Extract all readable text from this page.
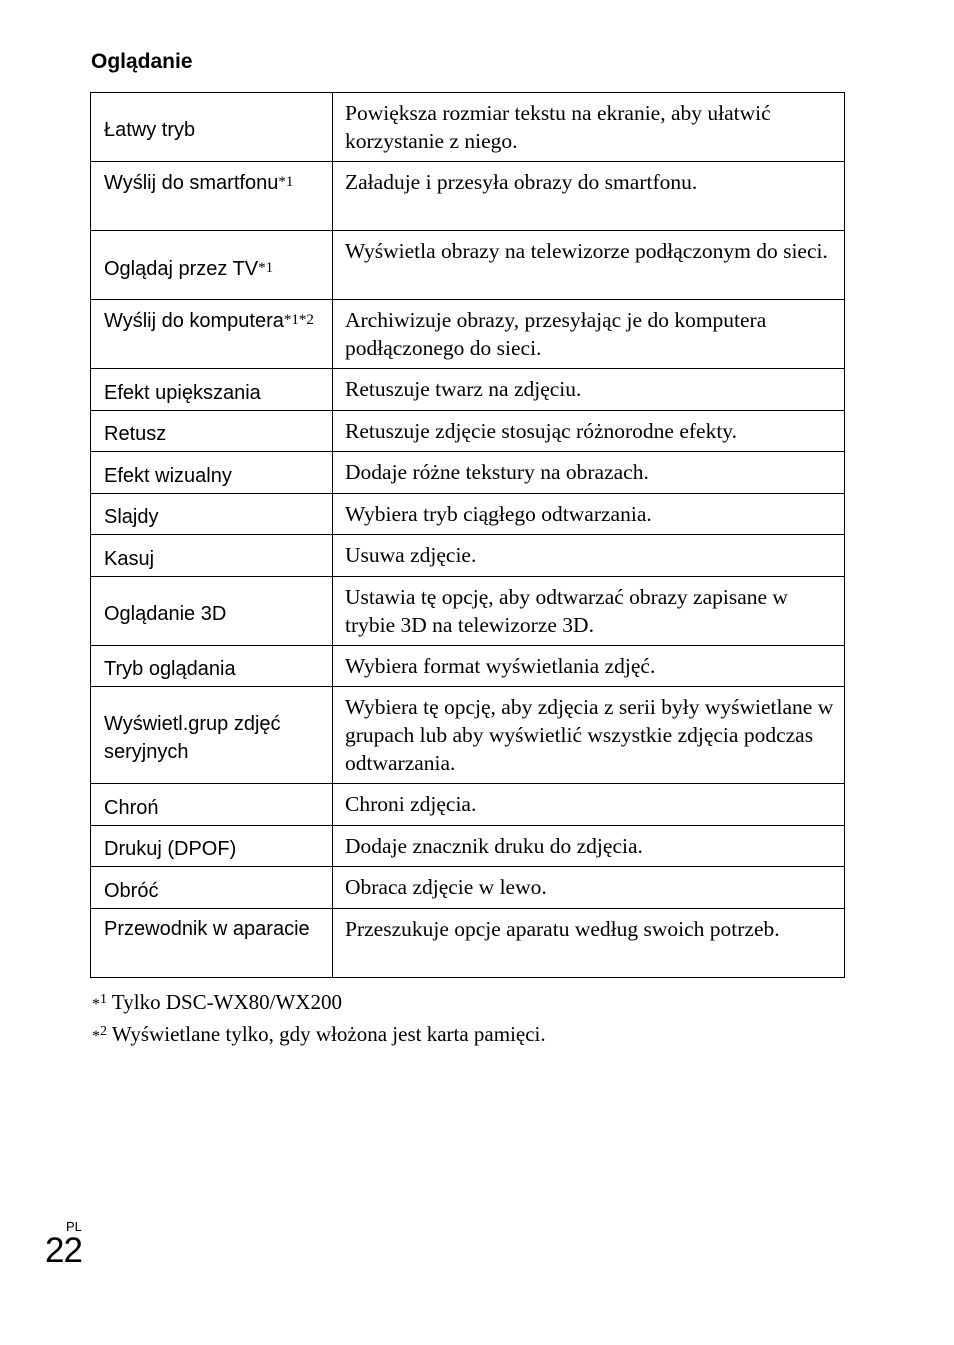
Oglądanie
Łatwy tryb	Powiększa rozmiar tekstu na ekranie, aby ułatwić korzystanie z niego.
Wyślij do smartfonu$^{*1}$	Załaduje i przesyła obrazy do smartfonu.
Oglądaj przez TV$^{*1}$	Wyświetla obrazy na telewizorze podłączonym do sieci.
Wyślij do komputera$^{*1*2}$	Archiwizuje obrazy, przesyłając je do komputera podłączonego do sieci.
Efekt upiększania	Retuszuje twarz na zdjęciu.
Retusz	Retuszuje zdjęcie stosując różnorodne efekty.
Efekt wizualny	Dodaje różne tekstury na obrazach.
Slajdy	Wybiera tryb ciągłego odtwarzania.
Kasuj	Usuwa zdjęcie.
Oglądanie 3D	Ustawia tę opcję, aby odtwarzać obrazy zapisane w trybie 3D na telewizorze 3D.
Tryb oglądania	Wybiera format wyświetlania zdjęć.
Wyświetl.grup zdjęć seryjnych	Wybiera tę opcję, aby zdjęcia z serii były wyświetlane w grupach lub aby wyświetlić wszystkie zdjęcia podczas odtwarzania.
Chroń	Chroni zdjęcia.
Drukuj (DPOF)	Dodaje znacznik druku do zdjęcia.
Obróć	Obraca zdjęcie w lewo.
Przewodnik w aparacie	Przeszukuje opcje aparatu według swoich potrzeb.
*$^1$ Tylko DSC-WX80/WX200
*$^2$ Wyświetlane tylko, gdy włożona jest karta pamięci.
PL
22
